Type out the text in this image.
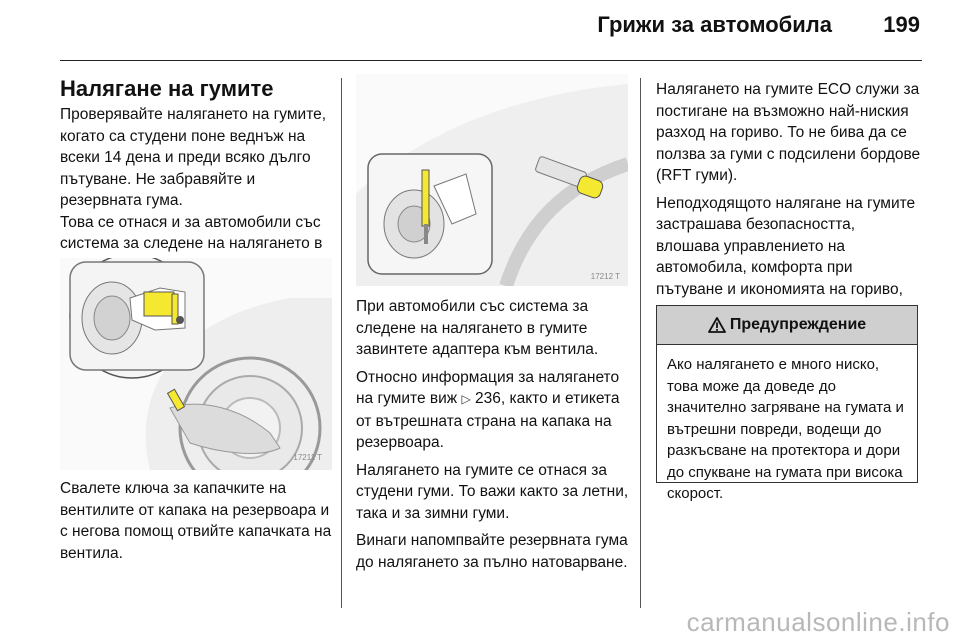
Грижи за автомобила 199
Налягане на гумите

Проверявайте налягането на гумите, когато са студени поне веднъж на всеки 14 дена и преди всяко дълго пътуване. Не забравяйте и резервната гума.

Това се отнася и за автомобили със система за следене на налягането в

17211 T

Свалете ключа за капачките на вентилите от капака на резервоара и с негова помощ отвийте капачката на вентила.

17212 T

При автомобили със система за следене на налягането в гумите завинтете адаптера към вентила.

Относно информация за налягането на гумите виж ▷ 236, както и етикета от вътрешната страна на капака на резервоара.

Налягането на гумите се отнася за студени гуми. То важи както за летни, така и за зимни гуми.

Винаги напомпвайте резервната гума до налягането за пълно натоварване.

Налягането на гумите ECO служи за постигане на възможно най-ниския разход на гориво. То не бива да се ползва за гуми с подсилени бордове (RFT гуми).

Неподходящото налягане на гумите застрашава безопасността, влошава управлението на автомобила, комфорта при пътуване и икономията на гориво,

Предупреждение
Ако налягането е много ниско, това може да доведе до значително загряване на гумата и вътрешни повреди, водещи до разкъсване на протектора и дори до спукване на гумата при висока скорост.
carmanualsonline.info
